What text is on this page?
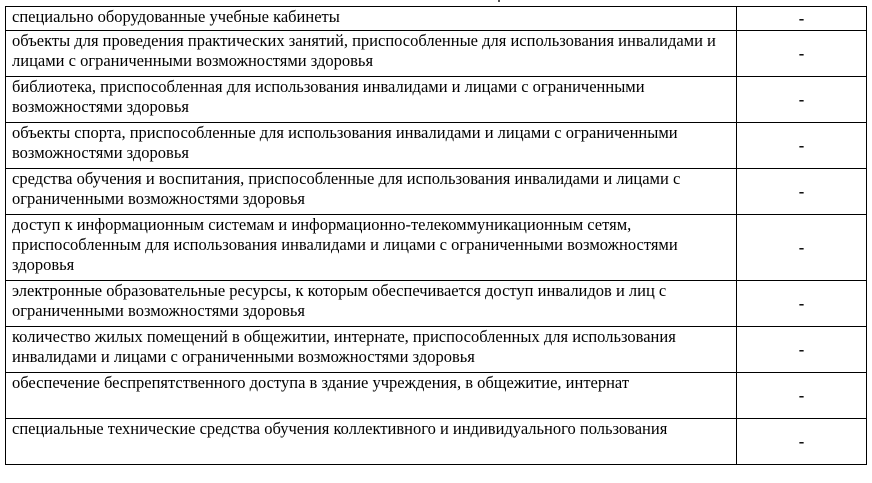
специально оборудованные учебные кабинеты	-
объекты для проведения практических занятий, приспособленные для использования инвалидами и лицами с ограниченными возможностями здоровья	-
библиотека, приспособленная для использования инвалидами и лицами с ограниченными возможностями здоровья	-
объекты спорта, приспособленные для использования инвалидами и лицами с ограниченными возможностями здоровья	-
средства обучения и воспитания, приспособленные для использования инвалидами и лицами с ограниченными возможностями здоровья	-
доступ к информационным системам и информационно-телекоммуникационным сетям, приспособленным для использования инвалидами и лицами с ограниченными возможностями здоровья	-
электронные образовательные ресурсы, к которым обеспечивается доступ инвалидов и лиц с ограниченными возможностями здоровья	-
количество жилых помещений в общежитии, интернате, приспособленных для использования инвалидами и лицами с ограниченными возможностями здоровья	-
обеспечение беспрепятственного доступа в здание учреждения, в общежитие, интернат	-
специальные технические средства обучения коллективного и индивидуального пользования	-
